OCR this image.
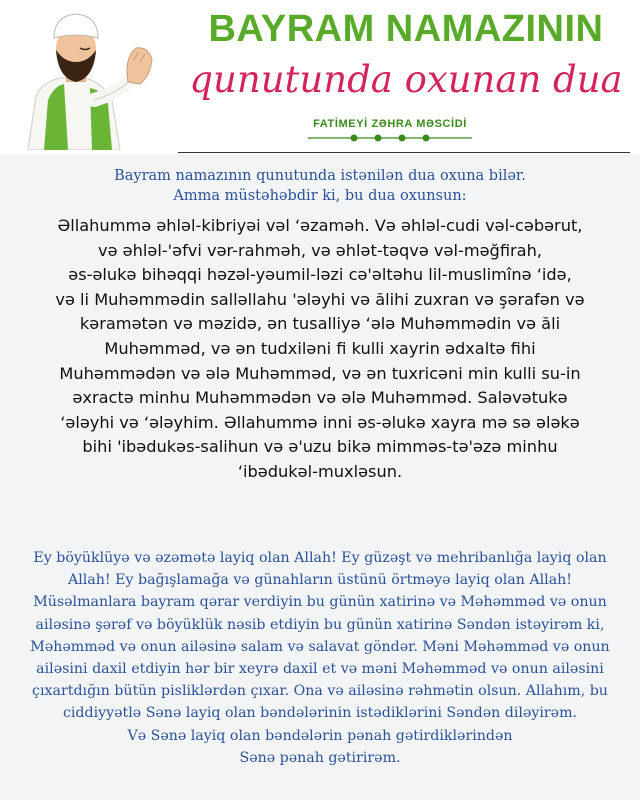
BAYRAM NAMAZININ
qunutunda oxunan dua
FATİMEYİ ZƏHRA MƏSCİDİ
Bayram namazının qunutunda istənilən dua oxuna bilər.
Amma müstəhəbdir ki, bu dua oxunsun:
Əllahummə əhləl-kibriyəi vəl ‘əzaməh. Və əhləl-cudi vəl-cəbərut,
və əhləl-'əfvi vər-rahməh, və əhlət-təqvə vəl-məğfirah,
əs-əlukə bihəqqi həzəl-yəumil-ləzi cə'əltəhu lil-muslimînə ‘idə,
və li Muhəmmədin salləllahu 'ələyhi və ălihi zuxran və şərafən və
kəramətən və məzidə, ən tusalliyə ‘ələ Muhəmmədin və ăli
Muhəmməd, və ən tudxiləni fi kulli xayrin ədxaltə fihi
Muhəmmədən və ələ Muhəmməd, və ən tuxricəni min kulli su-in
əxractə minhu Muhəmmədən və ələ Muhəmməd. Saləvətukə
‘ələyhi və ‘ələyhim. Əllahummə inni əs-əlukə xayra mə sə ələkə
bihi 'ibədukəs-salihun və ə'uzu bikə mimməs-tə'əzə minhu
‘ibədukəl-muxləsun.
Ey böyüklüyə və əzəmətə layiq olan Allah! Ey güzəşt və mehribanlığa layiq olan
Allah! Ey bağışlamağa və günahların üstünü örtməyə layiq olan Allah!
Müsəlmanlara bayram qərar verdiyin bu günün xatirinə və Məhəmməd və onun
ailəsinə şərəf və böyüklük nəsib etdiyin bu günün xatirinə Səndən istəyirəm ki,
Məhəmməd və onun ailəsinə salam və salavat göndər. Məni Məhəmməd və onun
ailəsini daxil etdiyin hər bir xeyrə daxil et və məni Məhəmməd və onun ailəsini
çıxartdığın bütün pisliklərdən çıxar. Ona və ailəsinə rəhmətin olsun. Allahım, bu
ciddiyyətlə Sənə layiq olan bəndələrinin istədiklərini Səndən diləyirəm.
Və Sənə layiq olan bəndələrin pənah gətirdiklərindən
Sənə pənah gətirirəm.
